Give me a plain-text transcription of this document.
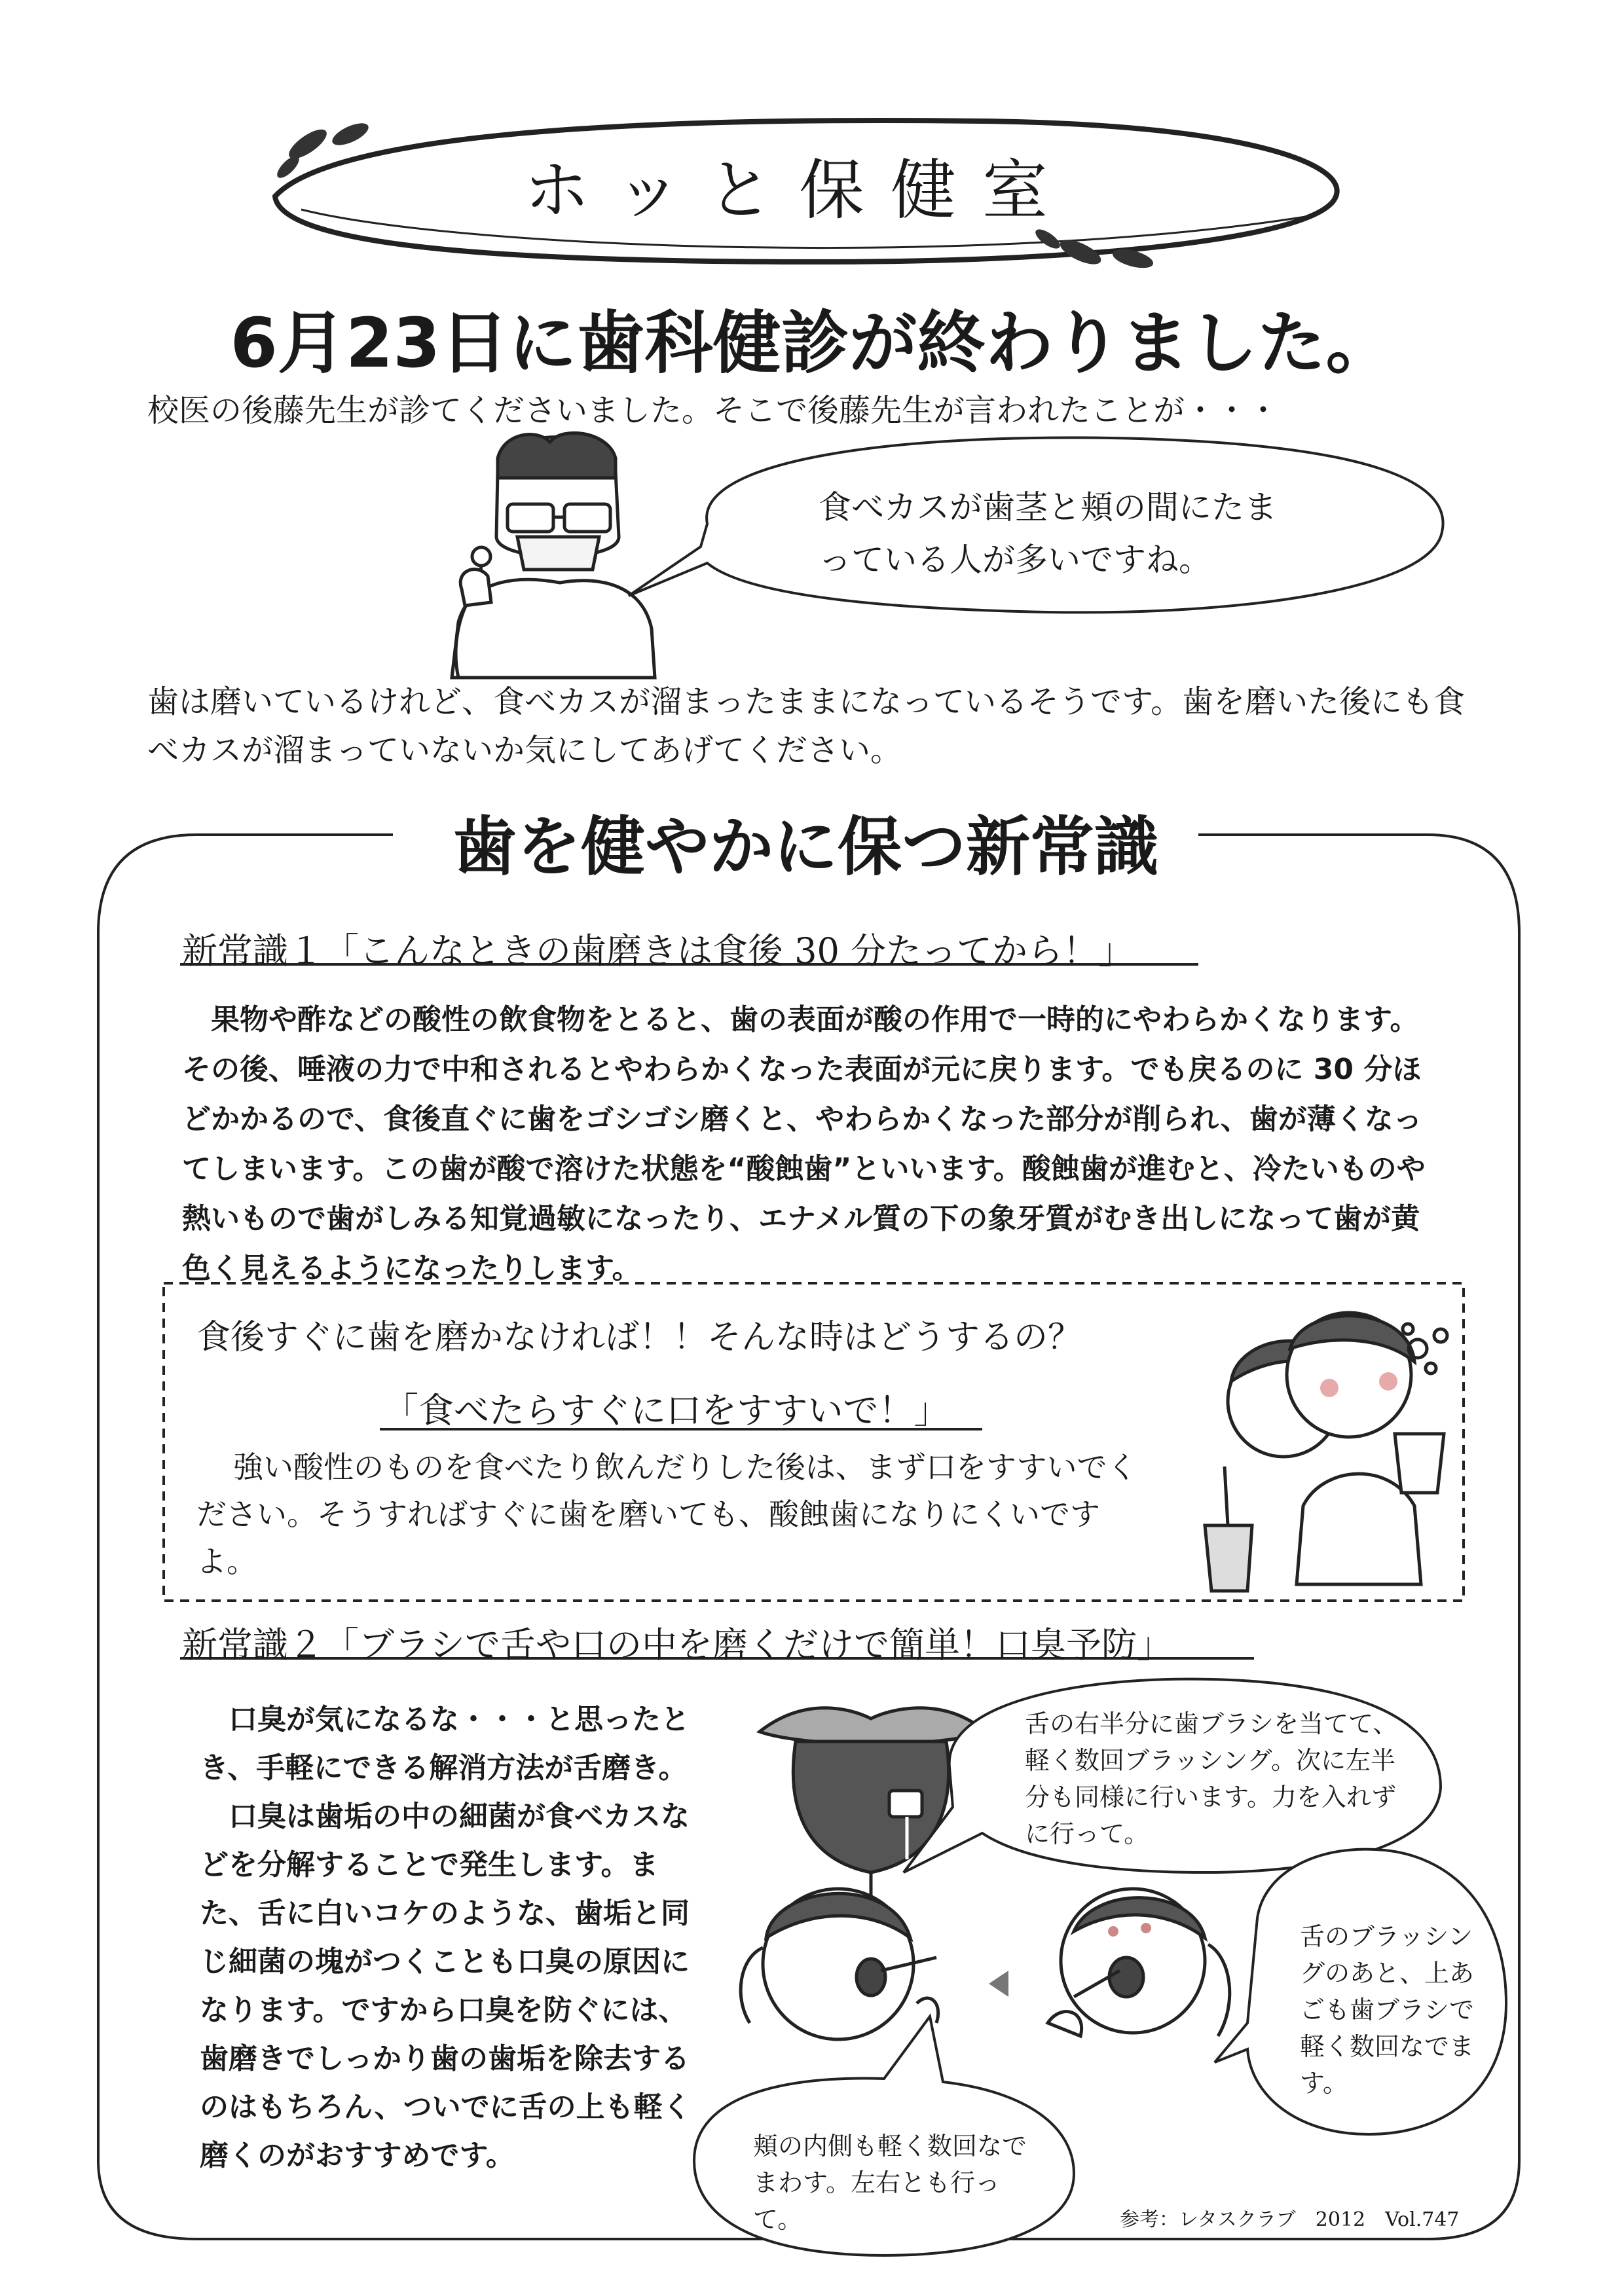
ホッと保健室
6月23日に歯科健診が終わりました。
校医の後藤先生が診てくださいました。そこで後藤先生が言われたことが・・・
食べカスが歯茎と頬の間にたま
っている人が多いですね。
歯は磨いているけれど、食べカスが溜まったままになっているそうです。歯を磨いた後にも食べカスが溜まっていないか気にしてあげてください。
歯を健やかに保つ新常識
新常識１「こんなときの歯磨きは食後 30 分たってから！」
果物や酢などの酸性の飲食物をとると、歯の表面が酸の作用で一時的にやわらかくなります。その後、唾液の力で中和されるとやわらかくなった表面が元に戻ります。でも戻るのに 30 分ほどかかるので、食後直ぐに歯をゴシゴシ磨くと、やわらかくなった部分が削られ、歯が薄くなってしまいます。この歯が酸で溶けた状態を“酸蝕歯”といいます。酸蝕歯が進むと、冷たいものや熱いもので歯がしみる知覚過敏になったり、エナメル質の下の象牙質がむき出しになって歯が黄色く見えるようになったりします。
食後すぐに歯を磨かなければ！！そんな時はどうするの？
「食べたらすぐに口をすすいで！」
強い酸性のものを食べたり飲んだりした後は、まず口をすすいでください。そうすればすぐに歯を磨いても、酸蝕歯になりにくいですよ。
新常識２「ブラシで舌や口の中を磨くだけで簡単！口臭予防」
口臭が気になるな・・・と思ったとき、手軽にできる解消方法が舌磨き。
口臭は歯垢の中の細菌が食べカスなどを分解することで発生します。また、舌に白いコケのような、歯垢と同じ細菌の塊がつくことも口臭の原因になります。ですから口臭を防ぐには、歯磨きでしっかり歯の歯垢を除去するのはもちろん、ついでに舌の上も軽く磨くのがおすすめです。
舌の右半分に歯ブラシを当てて、軽く数回ブラッシング。次に左半分も同様に行います。力を入れずに行って。
舌のブラッシングのあと、上あごも歯ブラシで軽く数回なでます。
頬の内側も軽く数回なでまわす。左右とも行って。	参考：レタスクラブ　2012　Vol.747
